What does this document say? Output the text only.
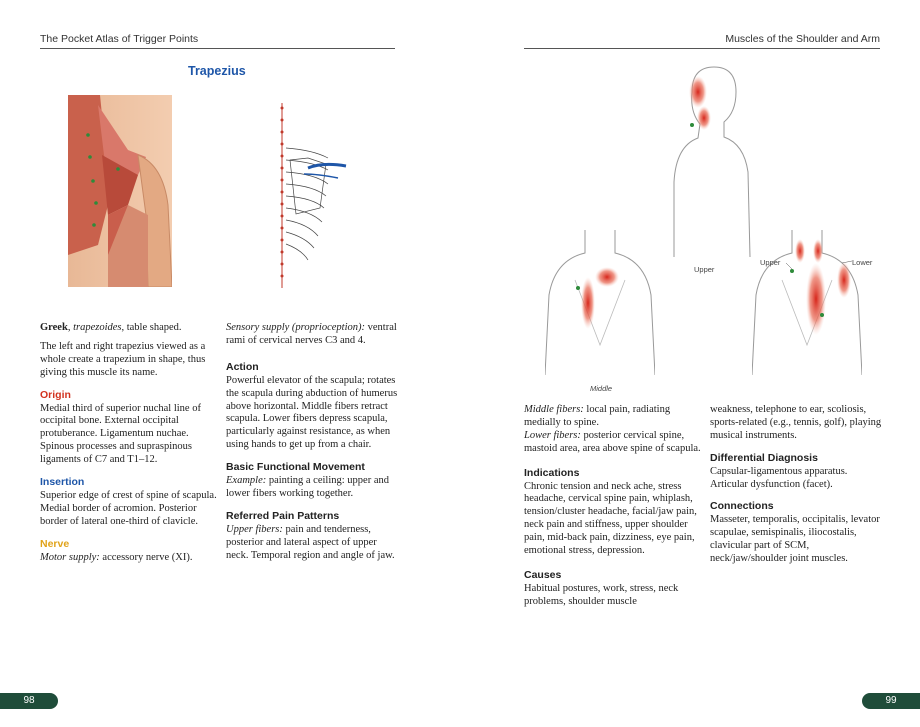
The Pocket Atlas of Trigger Points
Trapezius

Greek, trapezoides, table shaped.

The left and right trapezius viewed as a whole create a trapezium in shape, thus giving this muscle its name.

Origin

Medial third of superior nuchal line of occipital bone. External occipital protuberance. Ligamentum nuchae. Spinous processes and supraspinous ligaments of C7 and T1–12.

Insertion

Superior edge of crest of spine of scapula. Medial border of acromion. Posterior border of lateral one-third of clavicle.

Nerve

Motor supply: accessory nerve (XI).

Sensory supply (proprioception): ventral rami of cervical nerves C3 and 4.

Action

Powerful elevator of the scapula; rotates the scapula during abduction of humerus above horizontal. Middle fibers retract scapula. Lower fibers depress scapula, particularly against resistance, as when using hands to get up from a chair.

Basic Functional Movement

Example: painting a ceiling: upper and lower fibers working together.

Referred Pain Patterns

Upper fibers: pain and tenderness, posterior and lateral aspect of upper neck. Temporal region and angle of jaw.

98
Muscles of the Shoulder and Arm
Upper
Upper	Lower
Middle

Middle fibers: local pain, radiating medially to spine.

Lower fibers: posterior cervical spine, mastoid area, area above spine of scapula.

Indications

Chronic tension and neck ache, stress headache, cervical spine pain, whiplash, tension/cluster headache, facial/jaw pain, neck pain and stiffness, upper shoulder pain, mid-back pain, dizziness, eye pain, emotional stress, depression.

Causes

Habitual postures, work, stress, neck problems, shoulder muscle

weakness, telephone to ear, scoliosis, sports-related (e.g., tennis, golf), playing musical instruments.

Differential Diagnosis

Capsular-ligamentous apparatus. Articular dysfunction (facet).

Connections

Masseter, temporalis, occipitalis, levator scapulae, semispinalis, iliocostalis, clavicular part of SCM, neck/jaw/shoulder joint muscles.

99
